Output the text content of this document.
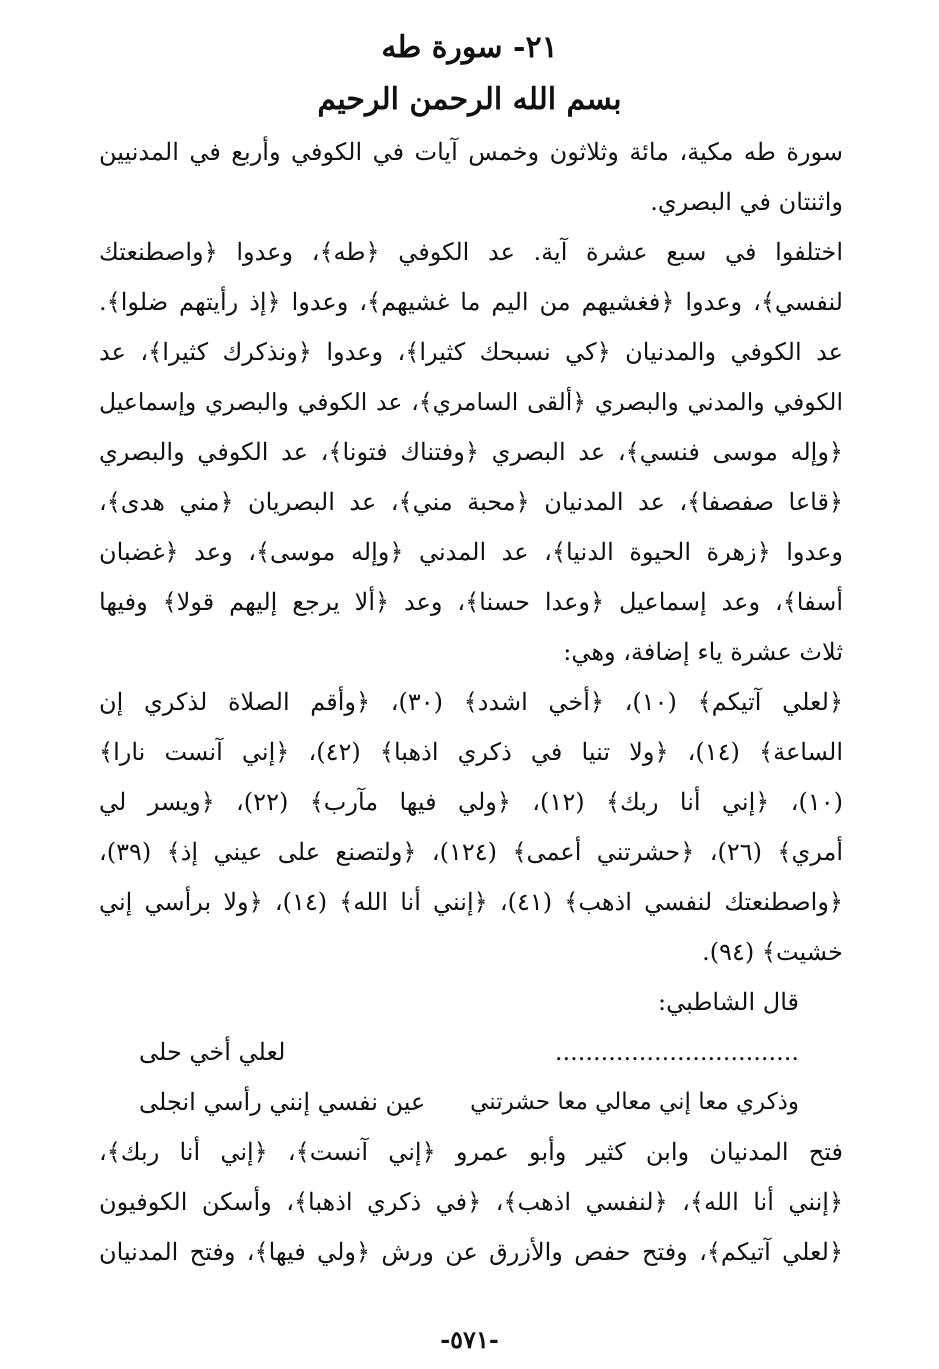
٢١- سورة طه
بسم الله الرحمن الرحيم
سورة طه مكية، مائة وثلاثون وخمس آيات في الكوفي وأربع في المدنيين
واثنتان في البصري.
اختلفوا في سبع عشرة آية. عد الكوفي ﴿طه﴾، وعدوا ﴿واصطنعتك
لنفسي﴾، وعدوا ﴿فغشيهم من اليم ما غشيهم﴾، وعدوا ﴿إذ رأيتهم ضلوا﴾.
عد الكوفي والمدنيان ﴿كي نسبحك كثيرا﴾، وعدوا ﴿ونذكرك كثيرا﴾، عد
الكوفي والمدني والبصري ﴿ألقى السامري﴾، عد الكوفي والبصري وإسماعيل
﴿وإله موسى فنسي﴾، عد البصري ﴿وفتناك فتونا﴾، عد الكوفي والبصري
﴿قاعا صفصفا﴾، عد المدنيان ﴿محبة مني﴾، عد البصريان ﴿مني هدى﴾،
وعدوا ﴿زهرة الحيوة الدنيا﴾، عد المدني ﴿وإله موسى﴾، وعد ﴿غضبان
أسفا﴾، وعد إسماعيل ﴿وعدا حسنا﴾، وعد ﴿ألا يرجع إليهم قولا﴾ وفيها
ثلاث عشرة ياء إضافة، وهي:
﴿لعلي آتيكم﴾ (١٠)، ﴿أخي اشدد﴾ (٣٠)، ﴿وأقم الصلاة لذكري إن
الساعة﴾ (١٤)، ﴿ولا تنيا في ذكري اذهبا﴾ (٤٢)، ﴿إني آنست نارا﴾
(١٠)، ﴿إني أنا ربك﴾ (١٢)، ﴿ولي فيها مآرب﴾ (٢٢)، ﴿ويسر لي
أمري﴾ (٢٦)، ﴿حشرتني أعمى﴾ (١٢٤)، ﴿ولتصنع على عيني إذ﴾ (٣٩)،
﴿واصطنعتك لنفسي اذهب﴾ (٤١)، ﴿إنني أنا الله﴾ (١٤)، ﴿ولا برأسي إني
خشيت﴾ (٩٤).
قال الشاطبي:
................................
لعلي أخي حلى
وذكري معا إني معالي معا حشرتني
عين نفسي إنني رأسي انجلى
فتح المدنيان وابن كثير وأبو عمرو ﴿إني آنست﴾، ﴿إني أنا ربك﴾،
﴿إنني أنا الله﴾، ﴿لنفسي اذهب﴾، ﴿في ذكري اذهبا﴾، وأسكن الكوفيون
﴿لعلي آتيكم﴾، وفتح حفص والأزرق عن ورش ﴿ولي فيها﴾، وفتح المدنيان
-٥٧١-
